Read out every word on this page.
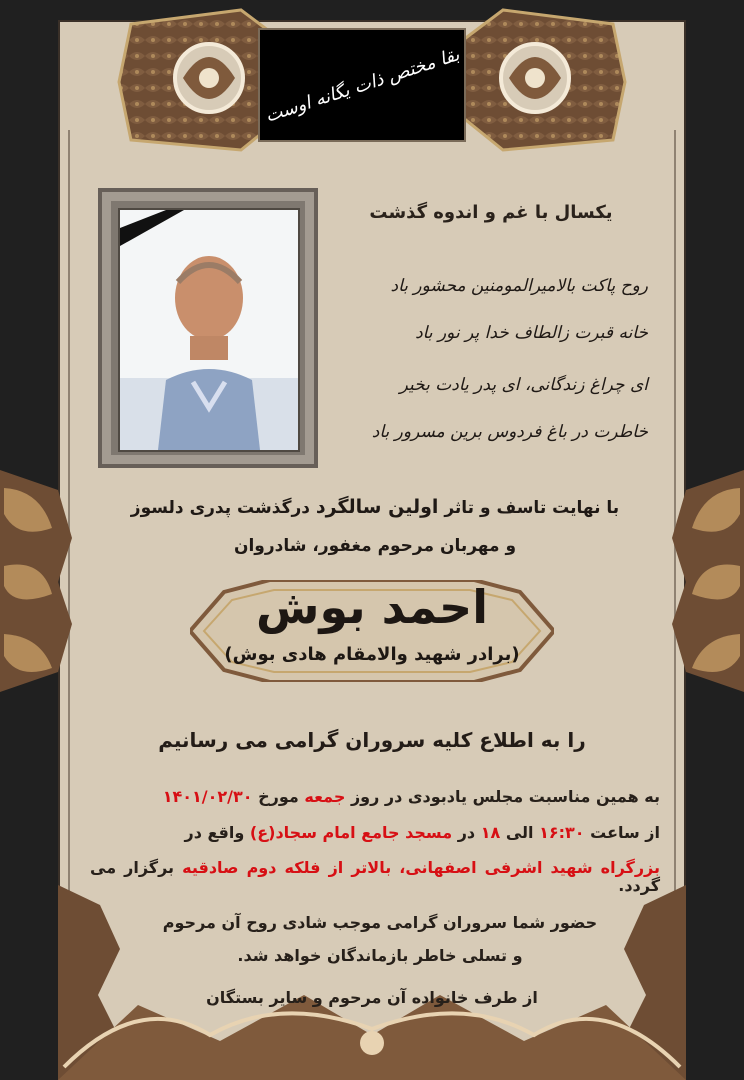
بقا مختص ذات یگانه اوست
یکسال با غم و اندوه گذشت
روح پاکت بالامیرالمومنین محشور باد
خانه قبرت زالطاف خدا پر نور باد
ای چراغ زندگانی، ای پدر یادت بخیر
خاطرت در باغ فردوس برین مسرور باد
با نهایت تاسف و تاثر اولین سالگرد درگذشت پدری دلسوز
و مهربان مرحوم مغفور، شادروان
احمد بوش
(برادر شهید والامقام هادی بوش)
را به اطلاع کلیه سروران گرامی می رسانیم
به همین مناسبت مجلس یادبودی در روز جمعه مورخ ۱۴۰۱/۰۲/۳۰
از ساعت ۱۶:۳۰ الی ۱۸ در مسجد جامع امام سجاد(ع) واقع در
بزرگراه شهید اشرفی اصفهانی، بالاتر از فلکه دوم صادقیه برگزار می گردد.
حضور شما سروران گرامی موجب شادی روح آن مرحوم
و تسلی خاطر بازماندگان خواهد شد.
از طرف خانواده آن مرحوم و سایر بستگان
